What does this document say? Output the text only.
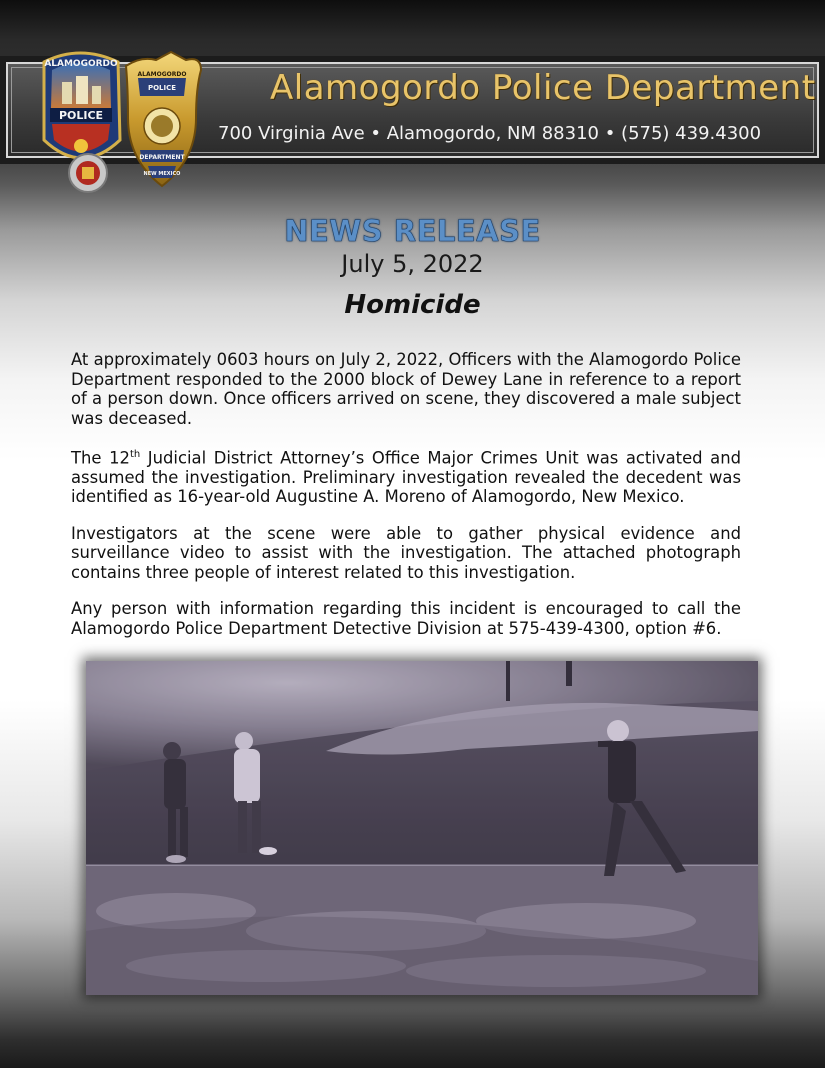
ALAMOGORDO
POLICE
ALAMOGORDO
POLICE
DEPARTMENT
NEW MEXICO
Alamogordo Police Department
700 Virginia Ave • Alamogordo, NM 88310 • (575) 439.4300
NEWS RELEASE
July 5, 2022
Homicide

At approximately 0603 hours on July 2, 2022, Officers with the Alamogordo Police Department responded to the 2000 block of Dewey Lane in reference to a report of a person down. Once officers arrived on scene, they discovered a male subject was deceased.

The 12th Judicial District Attorney’s Office Major Crimes Unit was activated and assumed the investigation. Preliminary investigation revealed the decedent was identified as 16-year-old Augustine A. Moreno of Alamogordo, New Mexico.

Investigators at the scene were able to gather physical evidence and surveillance video to assist with the investigation. The attached photograph contains three people of interest related to this investigation.

Any person with information regarding this incident is encouraged to call the Alamogordo Police Department Detective Division at 575-439-4300, option #6.
